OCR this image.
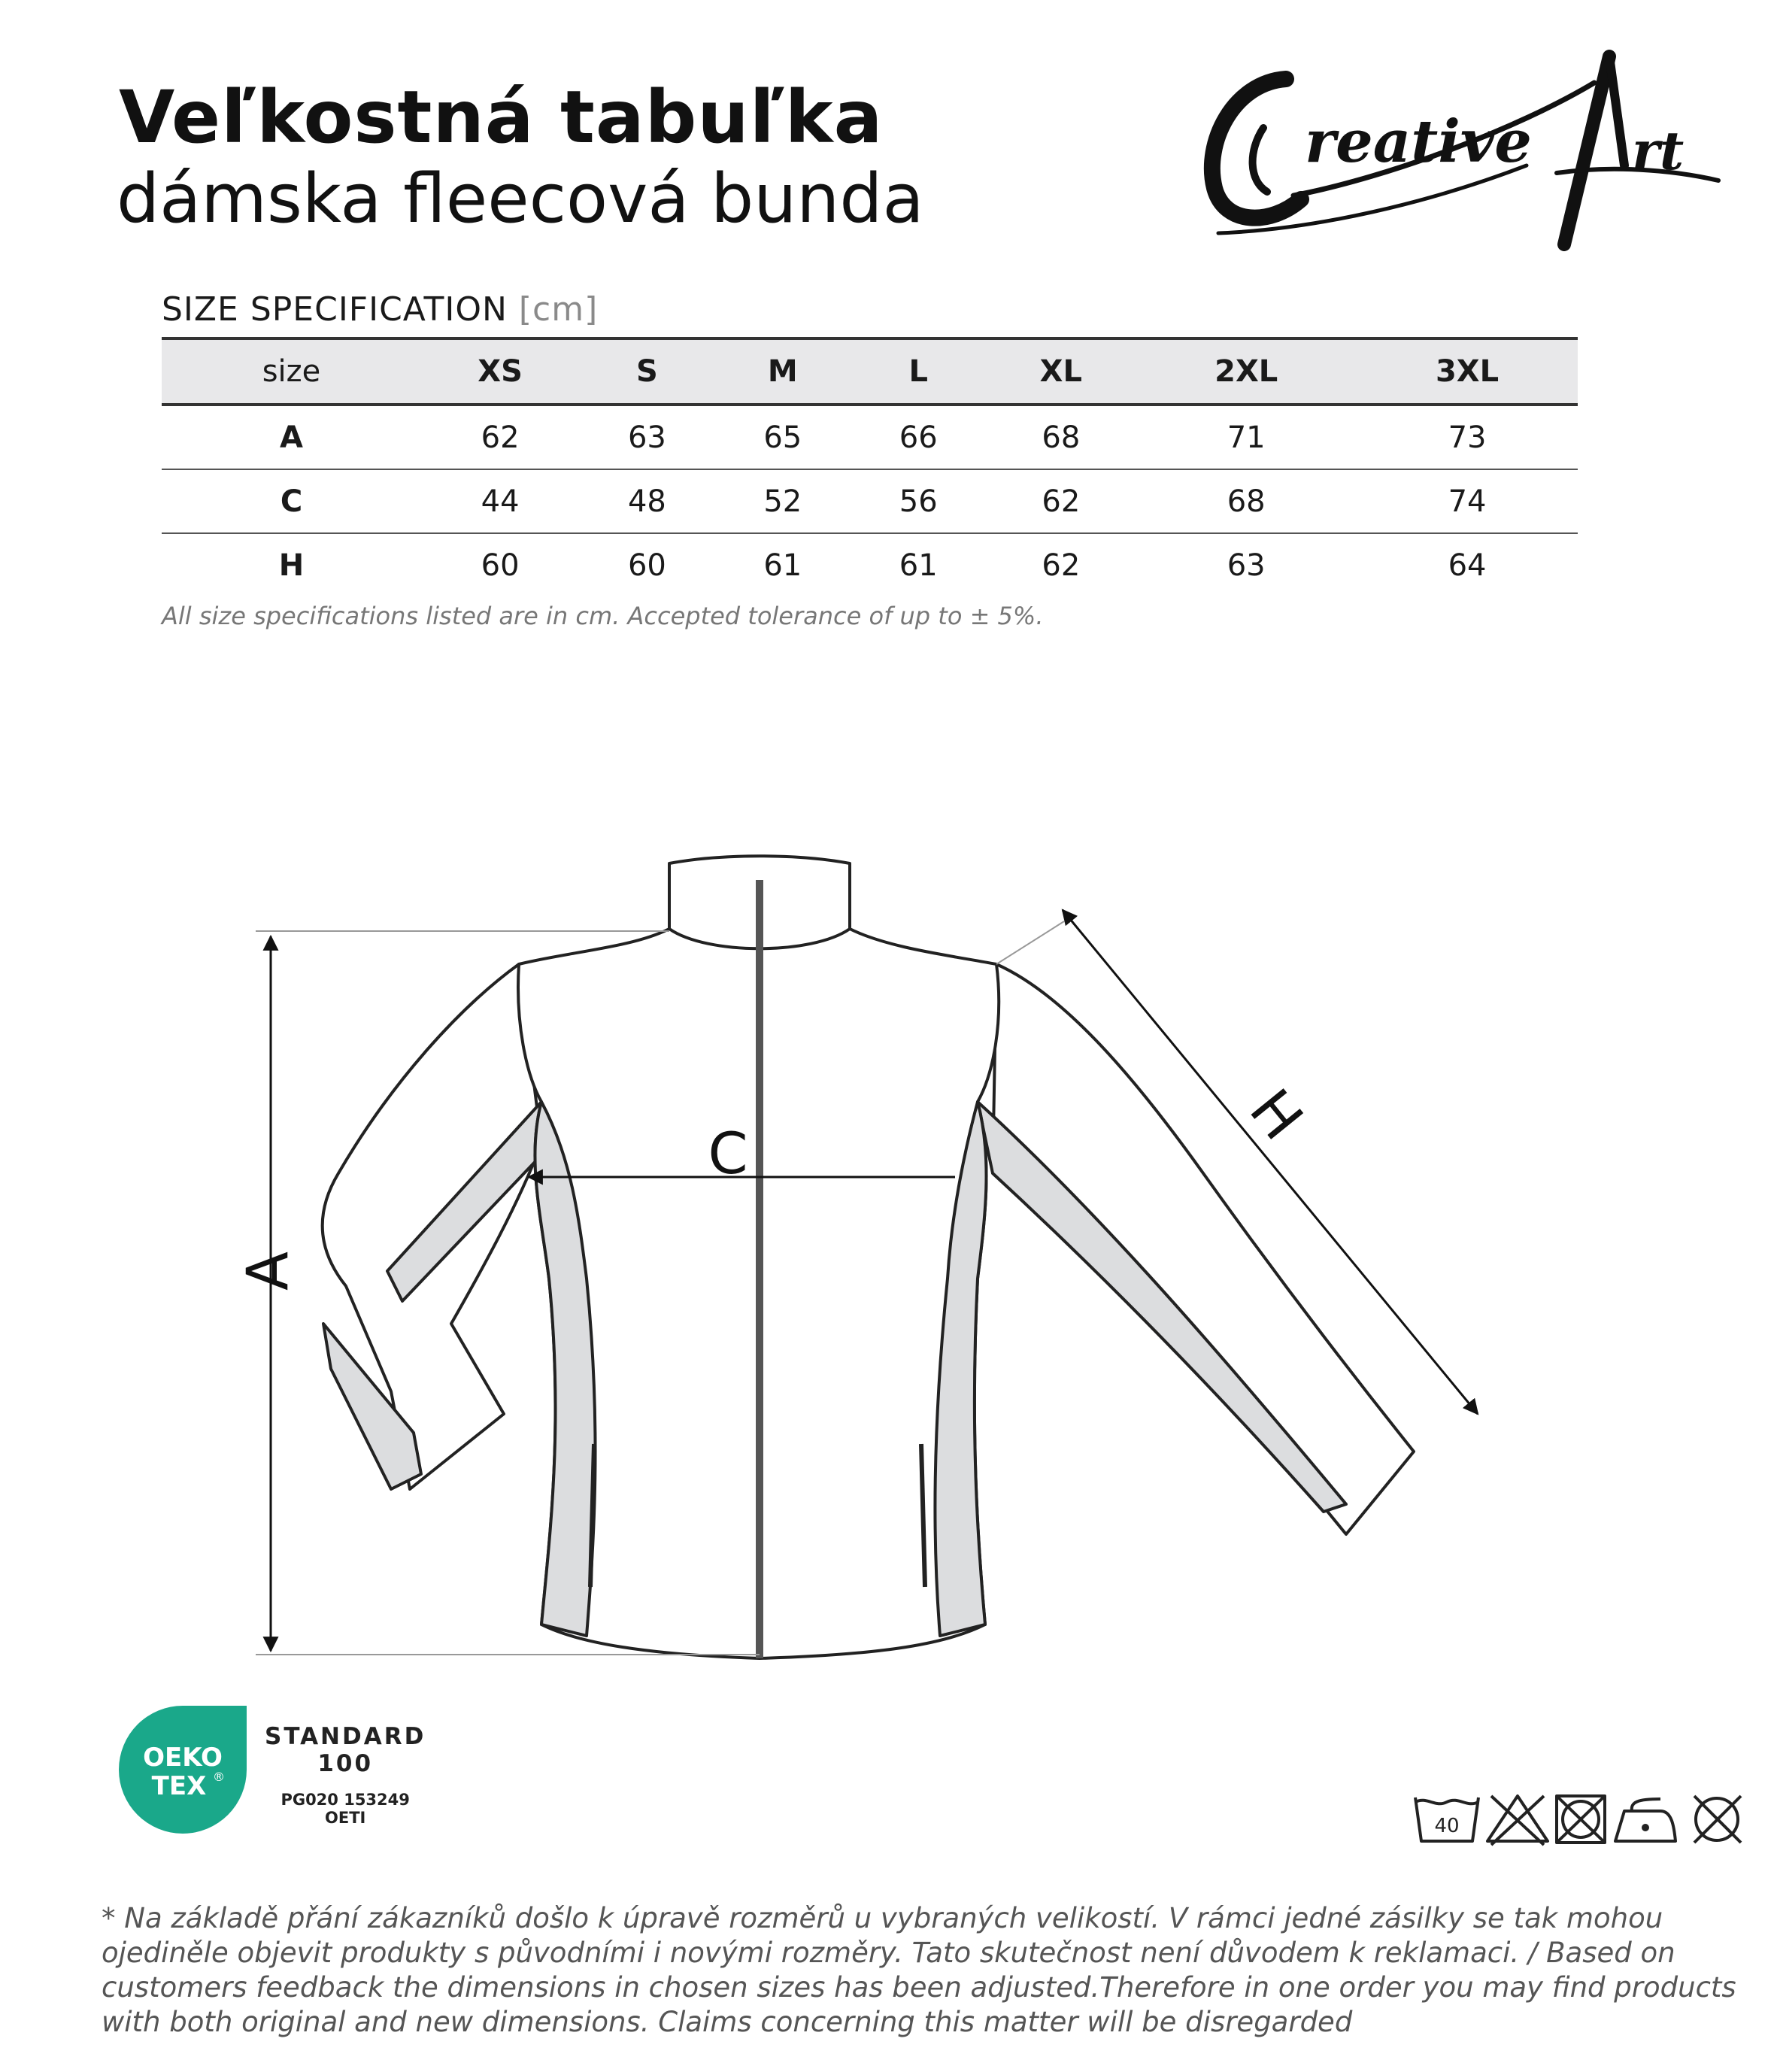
Veľkostná tabuľka
dámska fleecová bunda
reative rt
SIZE SPECIFICATION [cm]
size	XS	S	M	L	XL	2XL	3XL
A	62	63	65	66	68	71	73
C	44	48	52	56	62	68	74
H	60	60	61	61	62	63	64
All size specifications listed are in cm. Accepted tolerance of up to ± 5%.
A
C
H
OEKO
TEX ®
STANDARD
100
PG020 153249
OETI	40
* Na základě přání zákazníků došlo k úpravě rozměrů u vybraných velikostí. V rámci jedné zásilky se tak mohou ojediněle objevit produkty s původními i novými rozměry. Tato skutečnost není důvodem k reklamaci. / Based on customers feedback the dimensions in chosen sizes has been adjusted.Therefore in one order you may find products with both original and new dimensions. Claims concerning this matter will be disregarded
